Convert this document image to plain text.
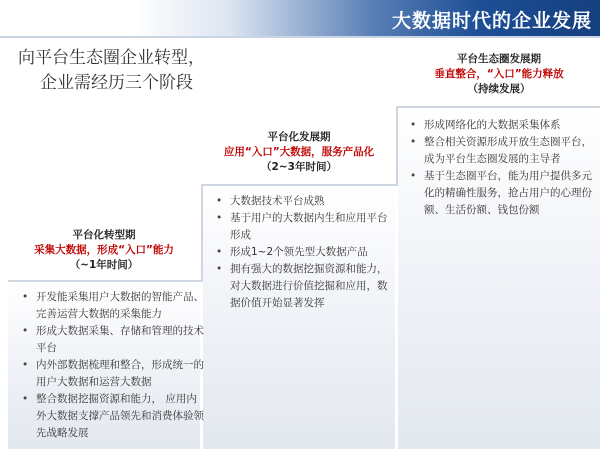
大数据时代的企业发展
向平台生态圈企业转型，
企业需经历三个阶段
平台化转型期
采集大数据，形成“入口”能力
（~1年时间）
• 开发能采集用户大数据的智能产品、完善运营大数据的采集能力
• 形成大数据采集、存储和管理的技术平台
• 内外部数据梳理和整合，形成统一的用户大数据和运营大数据
• 整合数据挖掘资源和能力， 应用内外大数据支撑产品领先和消费体验领先战略发展
平台化发展期
应用“入口”大数据，服务产品化
（2~3年时间）
• 大数据技术平台成熟
• 基于用户的大数据内生和应用平台形成
• 形成1~2个领先型大数据产品
• 拥有强大的数据挖掘资源和能力，对大数据进行价值挖掘和应用，数据价值开始显著发挥
平台生态圈发展期
垂直整合，“入口”能力释放
（持续发展）
• 形成网络化的大数据采集体系
• 整合相关资源形成开放生态圈平台，成为平台生态圈发展的主导者
• 基于生态圈平台，能为用户提供多元化的精确性服务，抢占用户的心理份额、生活份额、钱包份额
